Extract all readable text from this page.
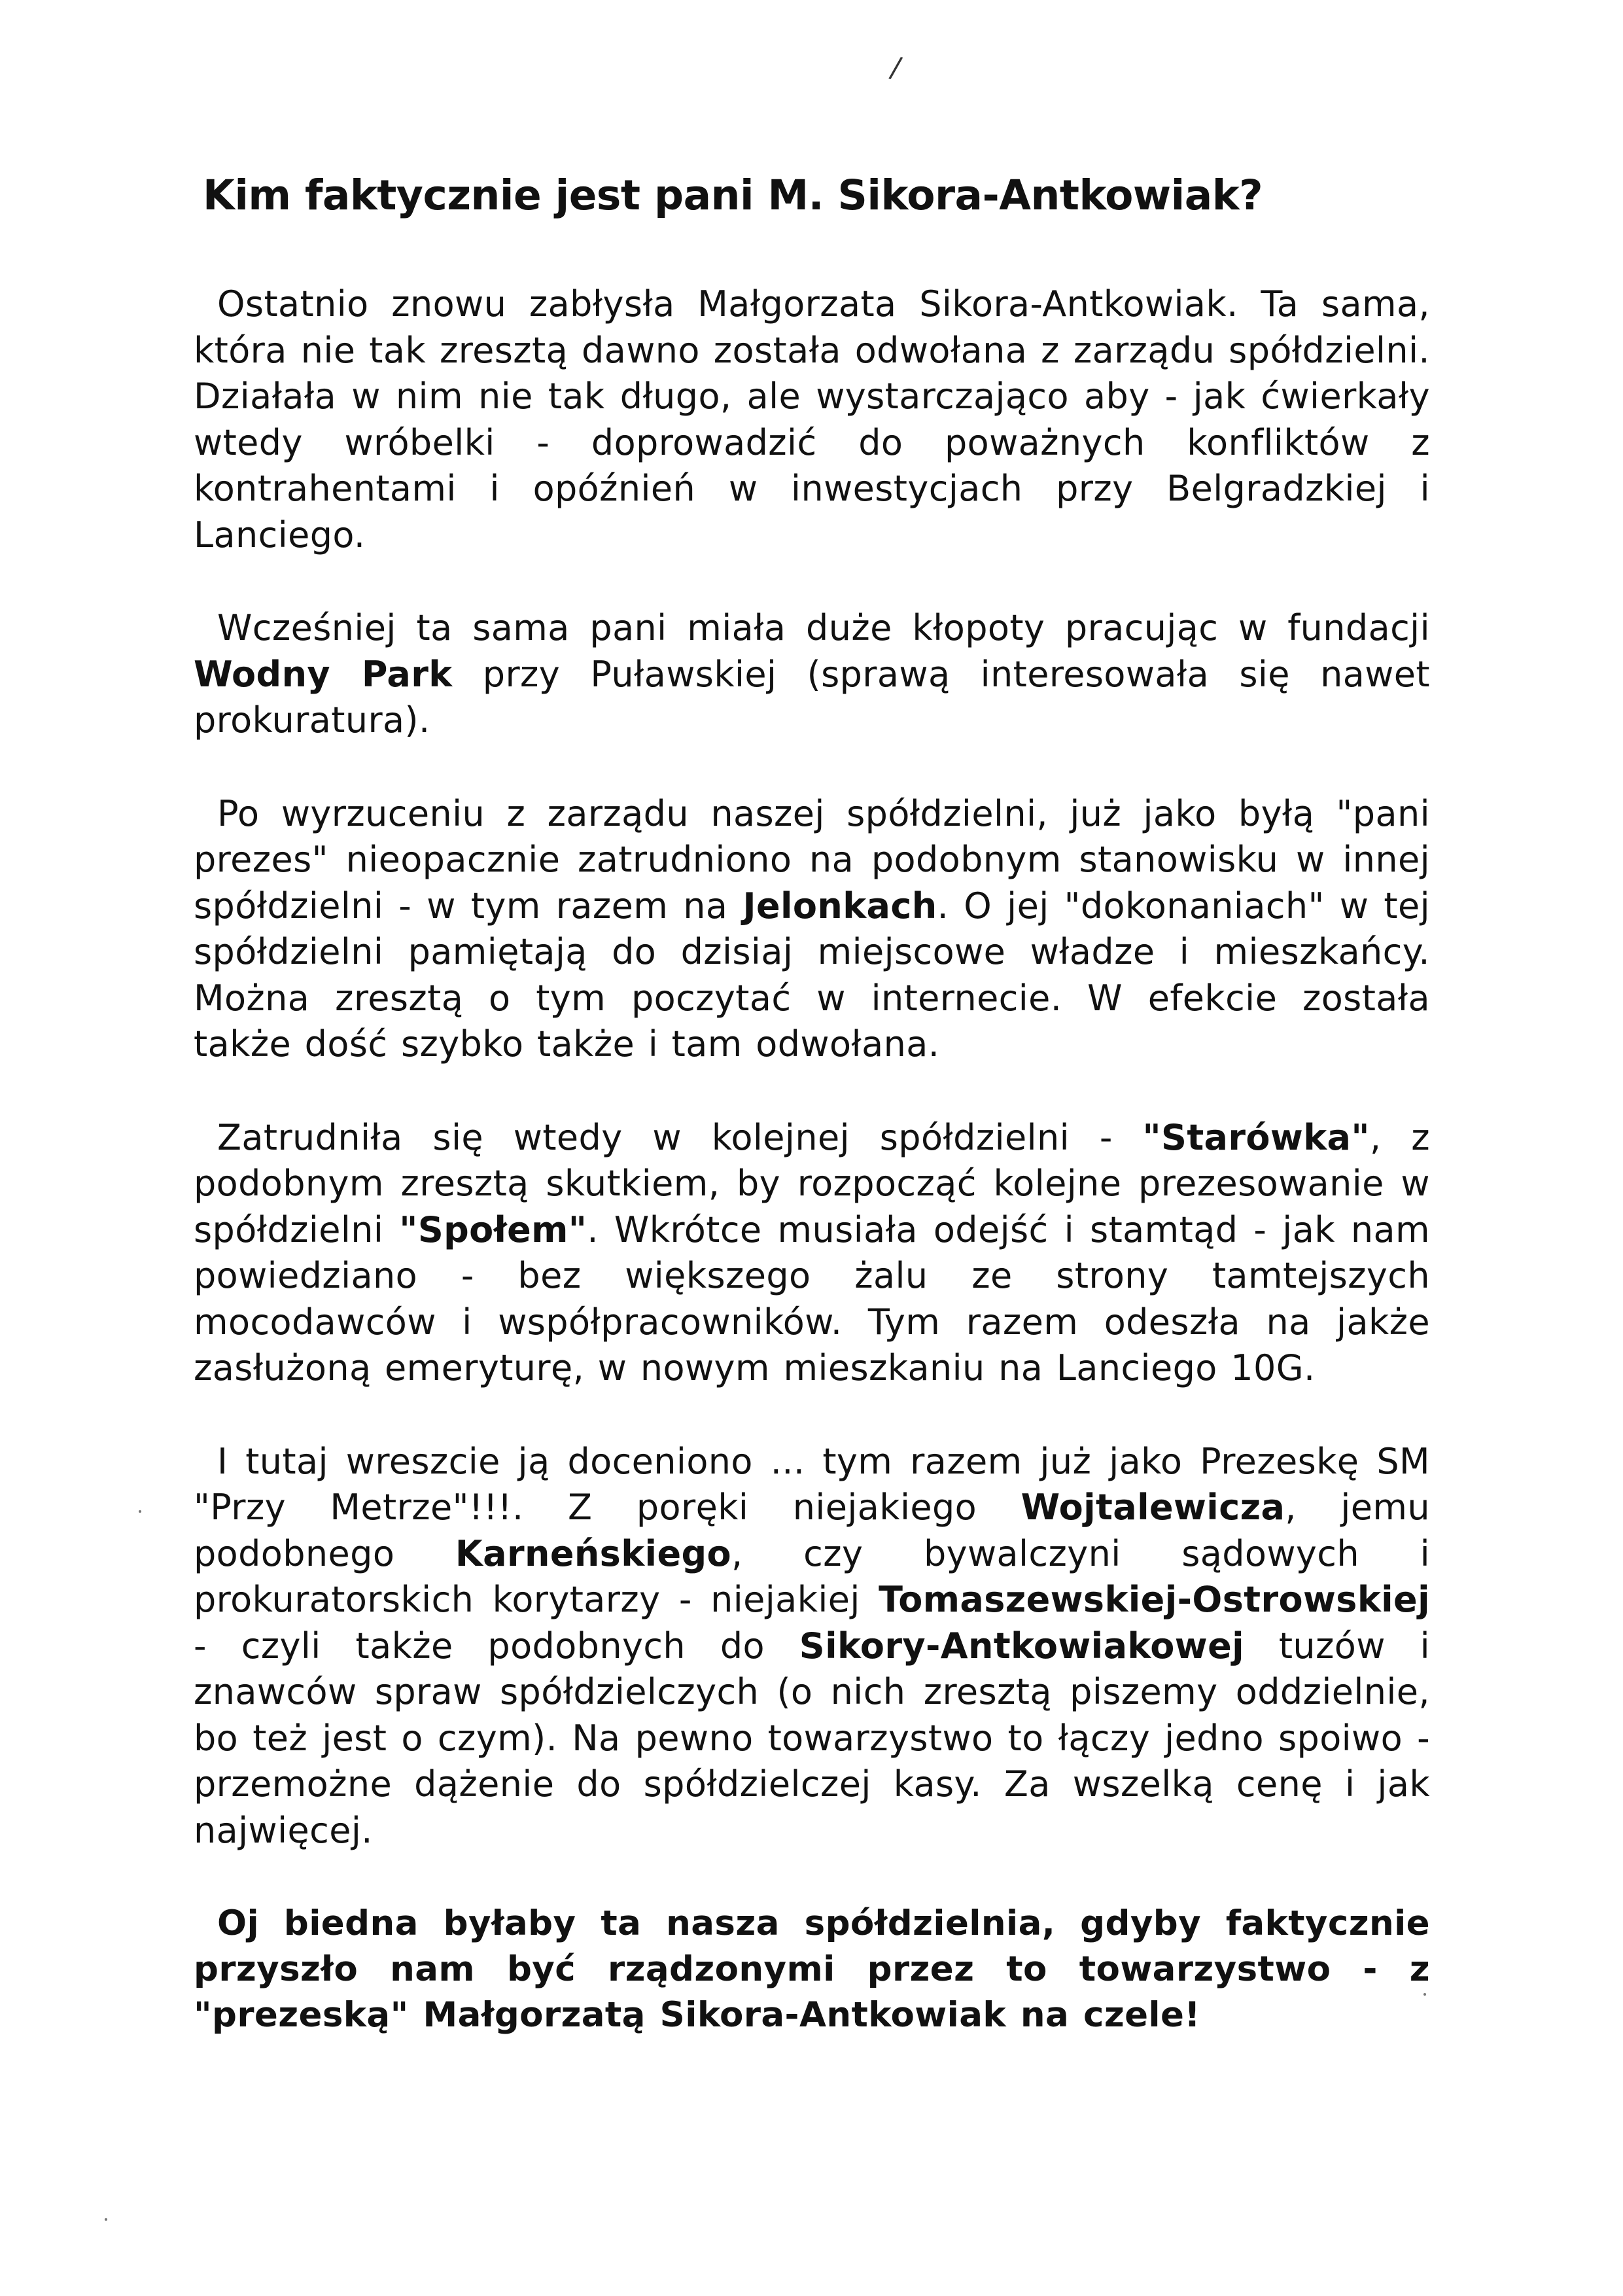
/
Kim faktycznie jest pani M. Sikora-Antkowiak?

Ostatnio znowu zabłysła Małgorzata Sikora-Antkowiak. Ta sama, która nie tak zresztą dawno została odwołana z zarządu spółdzielni. Działała w nim nie tak długo, ale wystarczająco aby - jak ćwierkały wtedy wróbelki - doprowadzić do poważnych konfliktów z kontrahentami i opóźnień w inwestycjach przy Belgradzkiej i Lanciego.

Wcześniej ta sama pani miała duże kłopoty pracując w fundacji Wodny Park przy Puławskiej (sprawą interesowała się nawet prokuratura).

Po wyrzuceniu z zarządu naszej spółdzielni, już jako byłą "pani prezes" nieopacznie zatrudniono na podobnym stanowisku w innej spółdzielni - w tym razem na Jelonkach. O jej "dokonaniach" w tej spółdzielni pamiętają do dzisiaj miejscowe władze i mieszkańcy. Można zresztą o tym poczytać w internecie. W efekcie została także dość szybko także i tam odwołana.

Zatrudniła się wtedy w kolejnej spółdzielni - "Starówka", z podobnym zresztą skutkiem, by rozpocząć kolejne prezesowanie w spółdzielni "Społem". Wkrótce musiała odejść i stamtąd - jak nam powiedziano - bez większego żalu ze strony tamtejszych mocodawców i współpracowników. Tym razem odeszła na jakże zasłużoną emeryturę, w nowym mieszkaniu na Lanciego 10G.

I tutaj wreszcie ją doceniono ... tym razem już jako Prezeskę SM "Przy Metrze"!!!. Z poręki niejakiego Wojtalewicza, jemu podobnego Karneńskiego, czy bywalczyni sądowych i prokuratorskich korytarzy - niejakiej Tomaszewskiej-Ostrowskiej - czyli także podobnych do Sikory-Antkowiakowej tuzów i znawców spraw spółdzielczych (o nich zresztą piszemy oddzielnie, bo też jest o czym). Na pewno towarzystwo to łączy jedno spoiwo - przemożne dążenie do spółdzielczej kasy. Za wszelką cenę i jak najwięcej.

Oj biedna byłaby ta nasza spółdzielnia, gdyby faktycznie przyszło nam być rządzonymi przez to towarzystwo - z "prezeską" Małgorzatą Sikora-Antkowiak na czele!
